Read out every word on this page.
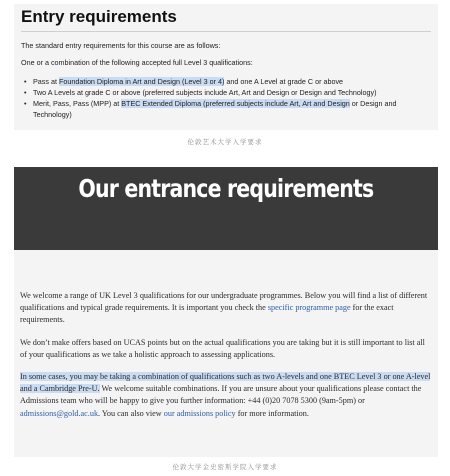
Entry requirements

The standard entry requirements for this course are as follows:

One or a combination of the following accepted full Level 3 qualifications:

• Pass at Foundation Diploma in Art and Design (Level 3 or 4) and one A Level at grade C or above
• Two A Levels at grade C or above (preferred subjects include Art, Art and Design or Design and Technology)
• Merit, Pass, Pass (MPP) at BTEC Extended Diploma (preferred subjects include Art, Art and Design or Design and Technology)
伦敦艺术大学入学要求
Our entrance requirements

We welcome a range of UK Level 3 qualifications for our undergraduate programmes. Below you will find a list of different qualifications and typical grade requirements. It is important you check the specific programme page for the exact requirements.

We don’t make offers based on UCAS points but on the actual qualifications you are taking but it is still important to list all of your qualifications as we take a holistic approach to assessing applications.

In some cases, you may be taking a combination of qualifications such as two A-levels and one BTEC Level 3 or one A-level and a Cambridge Pre-U. We welcome suitable combinations. If you are unsure about your qualifications please contact the Admissions team who will be happy to give you further information: +44 (0)20 7078 5300 (9am-5pm) or admissions@gold.ac.uk. You can also view our admissions policy for more information.

伦敦大学金史密斯学院入学要求
